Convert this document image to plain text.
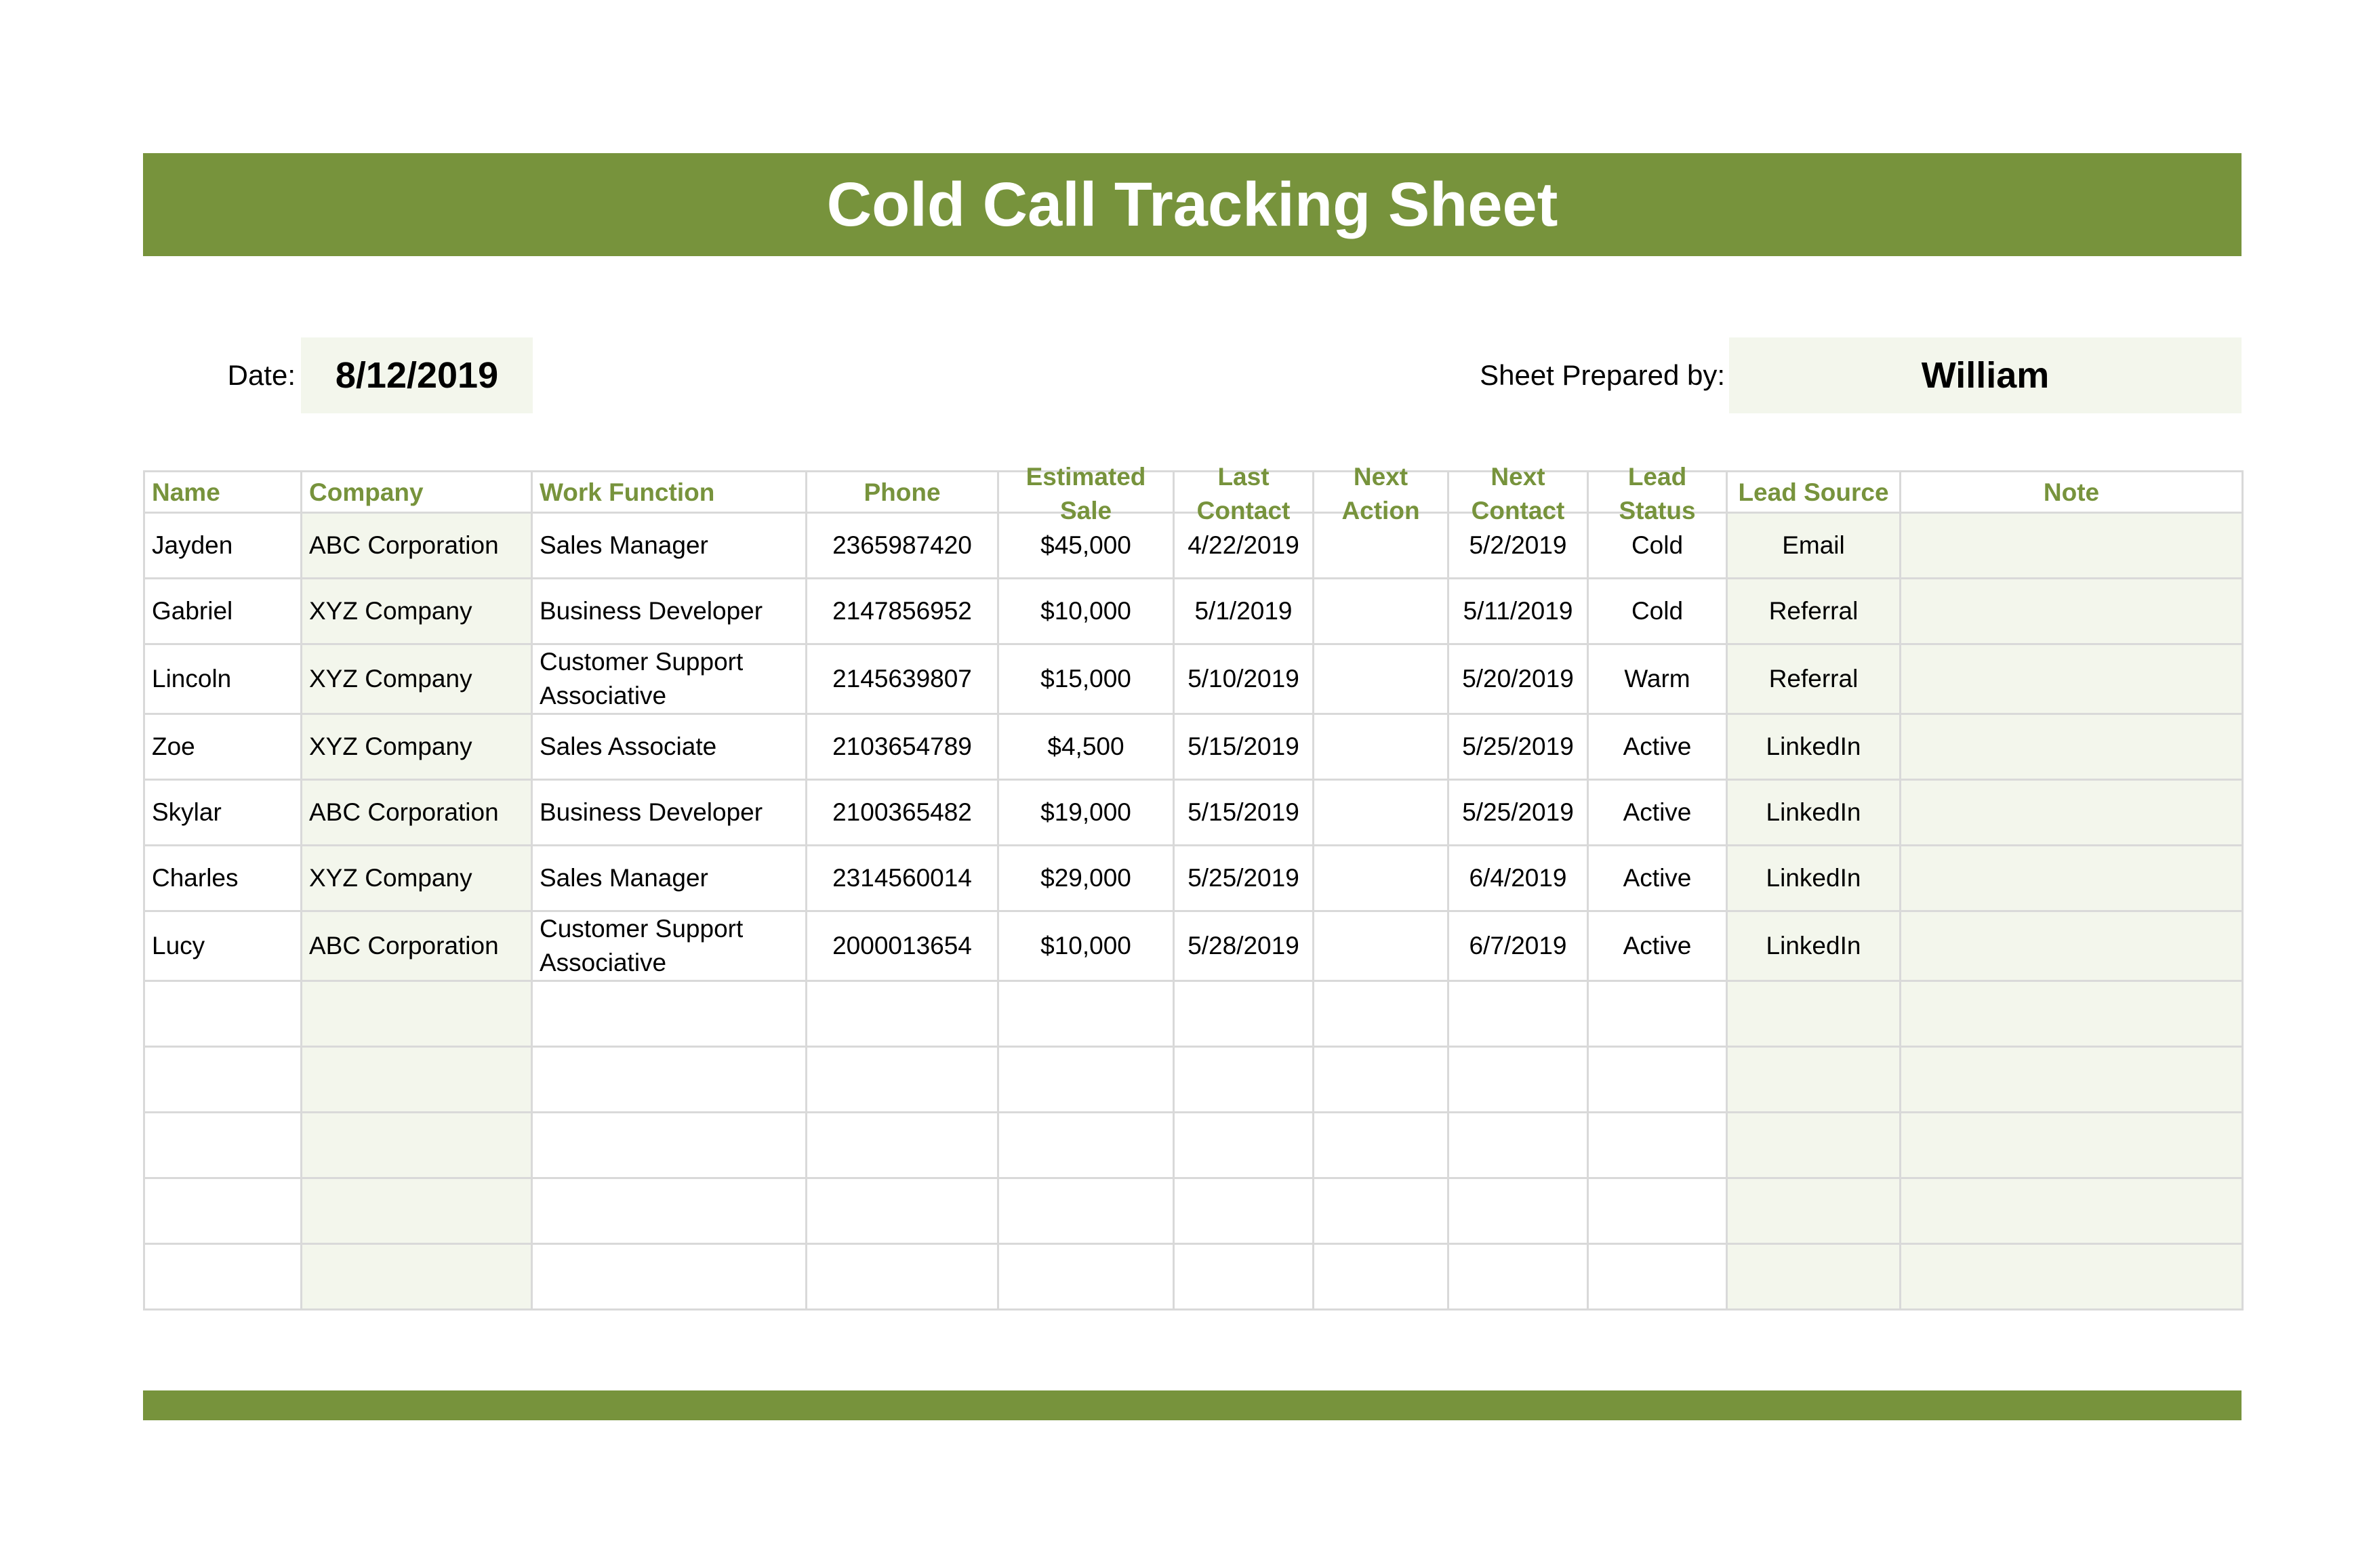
Cold Call Tracking Sheet
Date:	8/12/2019	Sheet Prepared by:	William
Name	Company	Work Function	Phone	Estimated Sale	Last Contact	Next Action	Next Contact	Lead Status	Lead Source	Note

Jayden	ABC Corporation	Sales Manager	2365987420	$45,000	4/22/2019		5/2/2019	Cold	Email	
Gabriel	XYZ Company	Business Developer	2147856952	$10,000	5/1/2019		5/11/2019	Cold	Referral	
Lincoln	XYZ Company	Customer Support Associative	2145639807	$15,000	5/10/2019		5/20/2019	Warm	Referral	
Zoe	XYZ Company	Sales Associate	2103654789	$4,500	5/15/2019		5/25/2019	Active	LinkedIn	
Skylar	ABC Corporation	Business Developer	2100365482	$19,000	5/15/2019		5/25/2019	Active	LinkedIn	
Charles	XYZ Company	Sales Manager	2314560014	$29,000	5/25/2019		6/4/2019	Active	LinkedIn	
Lucy	ABC Corporation	Customer Support Associative	2000013654	$10,000	5/28/2019		6/7/2019	Active	LinkedIn	
